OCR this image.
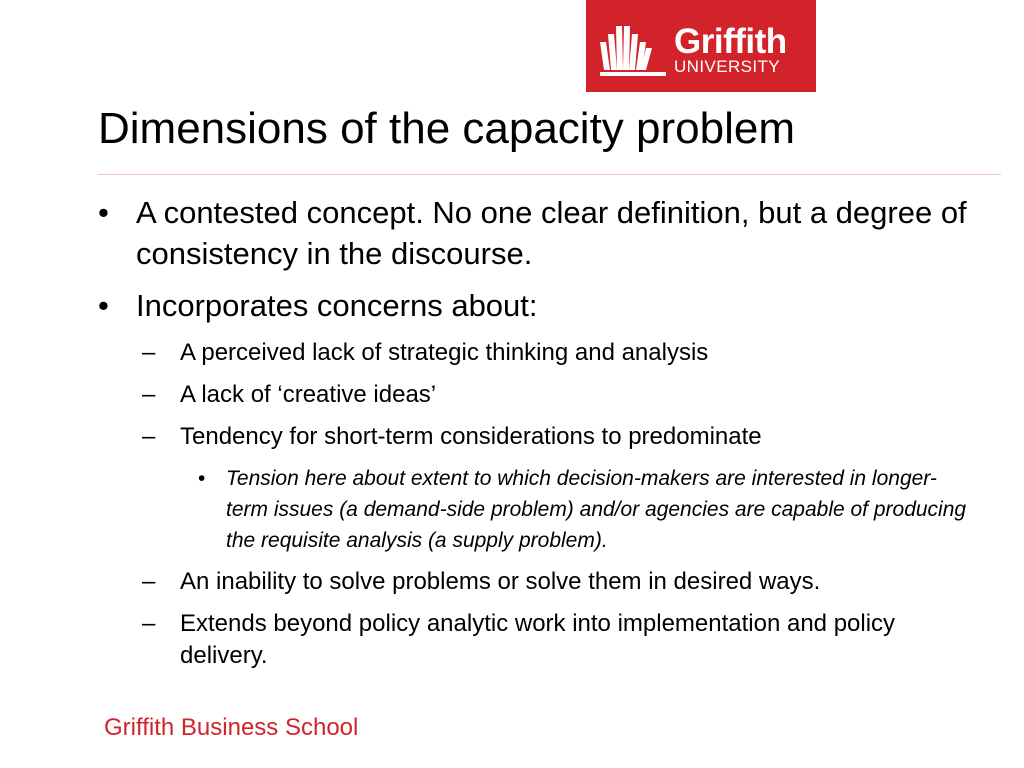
Griffith
UNIVERSITY
Dimensions of the capacity problem
• A contested concept. No one clear definition, but a degree of consistency in the discourse.
• Incorporates concerns about:
– A perceived lack of strategic thinking and analysis
– A lack of ‘creative ideas’
– Tendency for short-term considerations to predominate
• Tension here about extent to which decision-makers are interested in longer-term issues (a demand-side problem) and/or agencies are capable of producing the requisite analysis (a supply problem).
– An inability to solve problems or solve them in desired ways.
– Extends beyond policy analytic work into implementation and policy delivery.
Griffith Business School
